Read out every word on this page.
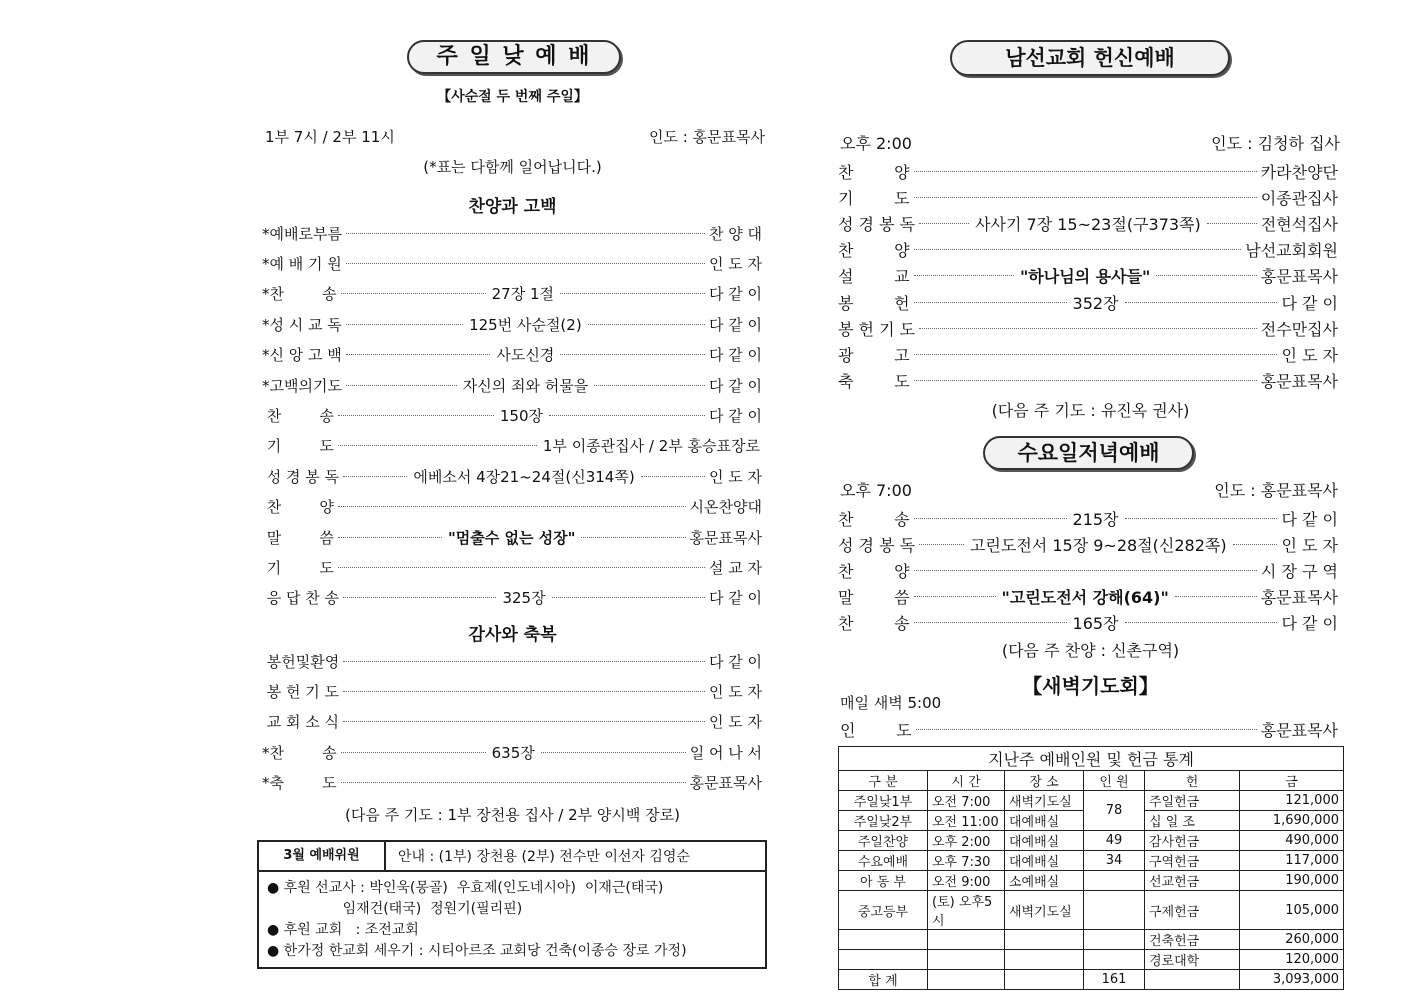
주 일 낮 예 배
【사순절 두 번째 주일】
1부 7시 / 2부 11시	인도 : 홍문표목사
(*표는 다함께 일어납니다.)
찬양과 고백
*예배로부름	찬 양 대
*예 배 기 원	인 도 자
*찬        송	27장 1절	다 같 이
*성 시 교 독	125번 사순절(2)	다 같 이
*신 앙 고 백	사도신경	다 같 이
*고백의기도	자신의 죄와 허물을	다 같 이
찬        송	150장	다 같 이
기        도	1부 이종관집사 / 2부 홍승표장로
성 경 봉 독	에베소서 4장21~24절(신314쪽)	인 도 자
찬        양	시온찬양대
말        씀	"멈출수 없는 성장"	홍문표목사
기        도	설 교 자
응 답 찬 송	325장	다 같 이
감사와 축복
봉헌및환영	다 같 이
봉 헌 기 도	인 도 자
교 회 소 식	인 도 자
*찬        송	635장	일 어 나 서
*축        도	홍문표목사
(다음 주 기도 : 1부 장천용 집사 / 2부 양시백 장로)
3월 예배위원	안내 : (1부) 장천용 (2부) 전수만 이선자 김영순
● 후원 선교사 : 박인욱(몽골)  우효제(인도네시아)  이재근(태국)
임재건(태국)  정원기(필리핀)
● 후원 교회   : 조전교회
● 한가정 한교회 세우기 : 시티아르조 교회당 건축(이종승 장로 가정)
남선교회 헌신예배
오후 2:00	인도 : 김청하 집사
찬        양	카라찬양단
기        도	이종관집사
성 경 봉 독	사사기 7장 15~23절(구373쪽)	전현석집사
찬        양	남선교회회원
설        교	"하나님의 용사들"	홍문표목사
봉        헌	352장	다 같 이
봉 헌 기 도	전수만집사
광        고	인 도 자
축        도	홍문표목사
(다음 주 기도 : 유진옥 권사)
수요일저녁예배
오후 7:00	인도 : 홍문표목사
찬        송	215장	다 같 이
성 경 봉 독	고린도전서 15장 9~28절(신282쪽)	인 도 자
찬        양	시 장 구 역
말        씀	"고린도전서 강해(64)"	홍문표목사
찬        송	165장	다 같 이
(다음 주 찬양 : 신촌구역)
【새벽기도회】
매일 새벽 5:00
인        도	홍문표목사
지난주 예배인원 및 헌금 통계					
구 분	시 간	장 소	인 원	헌	금
주일낮1부	오전 7:00	새벽기도실	78	주일헌금	121,000
주일낮2부	오전 11:00	대예배실		십 일 조	1,690,000
주일찬양	오후 2:00	대예배실	49	감사헌금	490,000
수요예배	오후 7:30	대예배실	34	구역헌금	117,000
아 동 부	오전 9:00	소예배실		선교헌금	190,000
중고등부	(토) 오후5시	새벽기도실		구제헌금	105,000
				건축헌금	260,000
				경로대학	120,000
합 계			161		3,093,000
